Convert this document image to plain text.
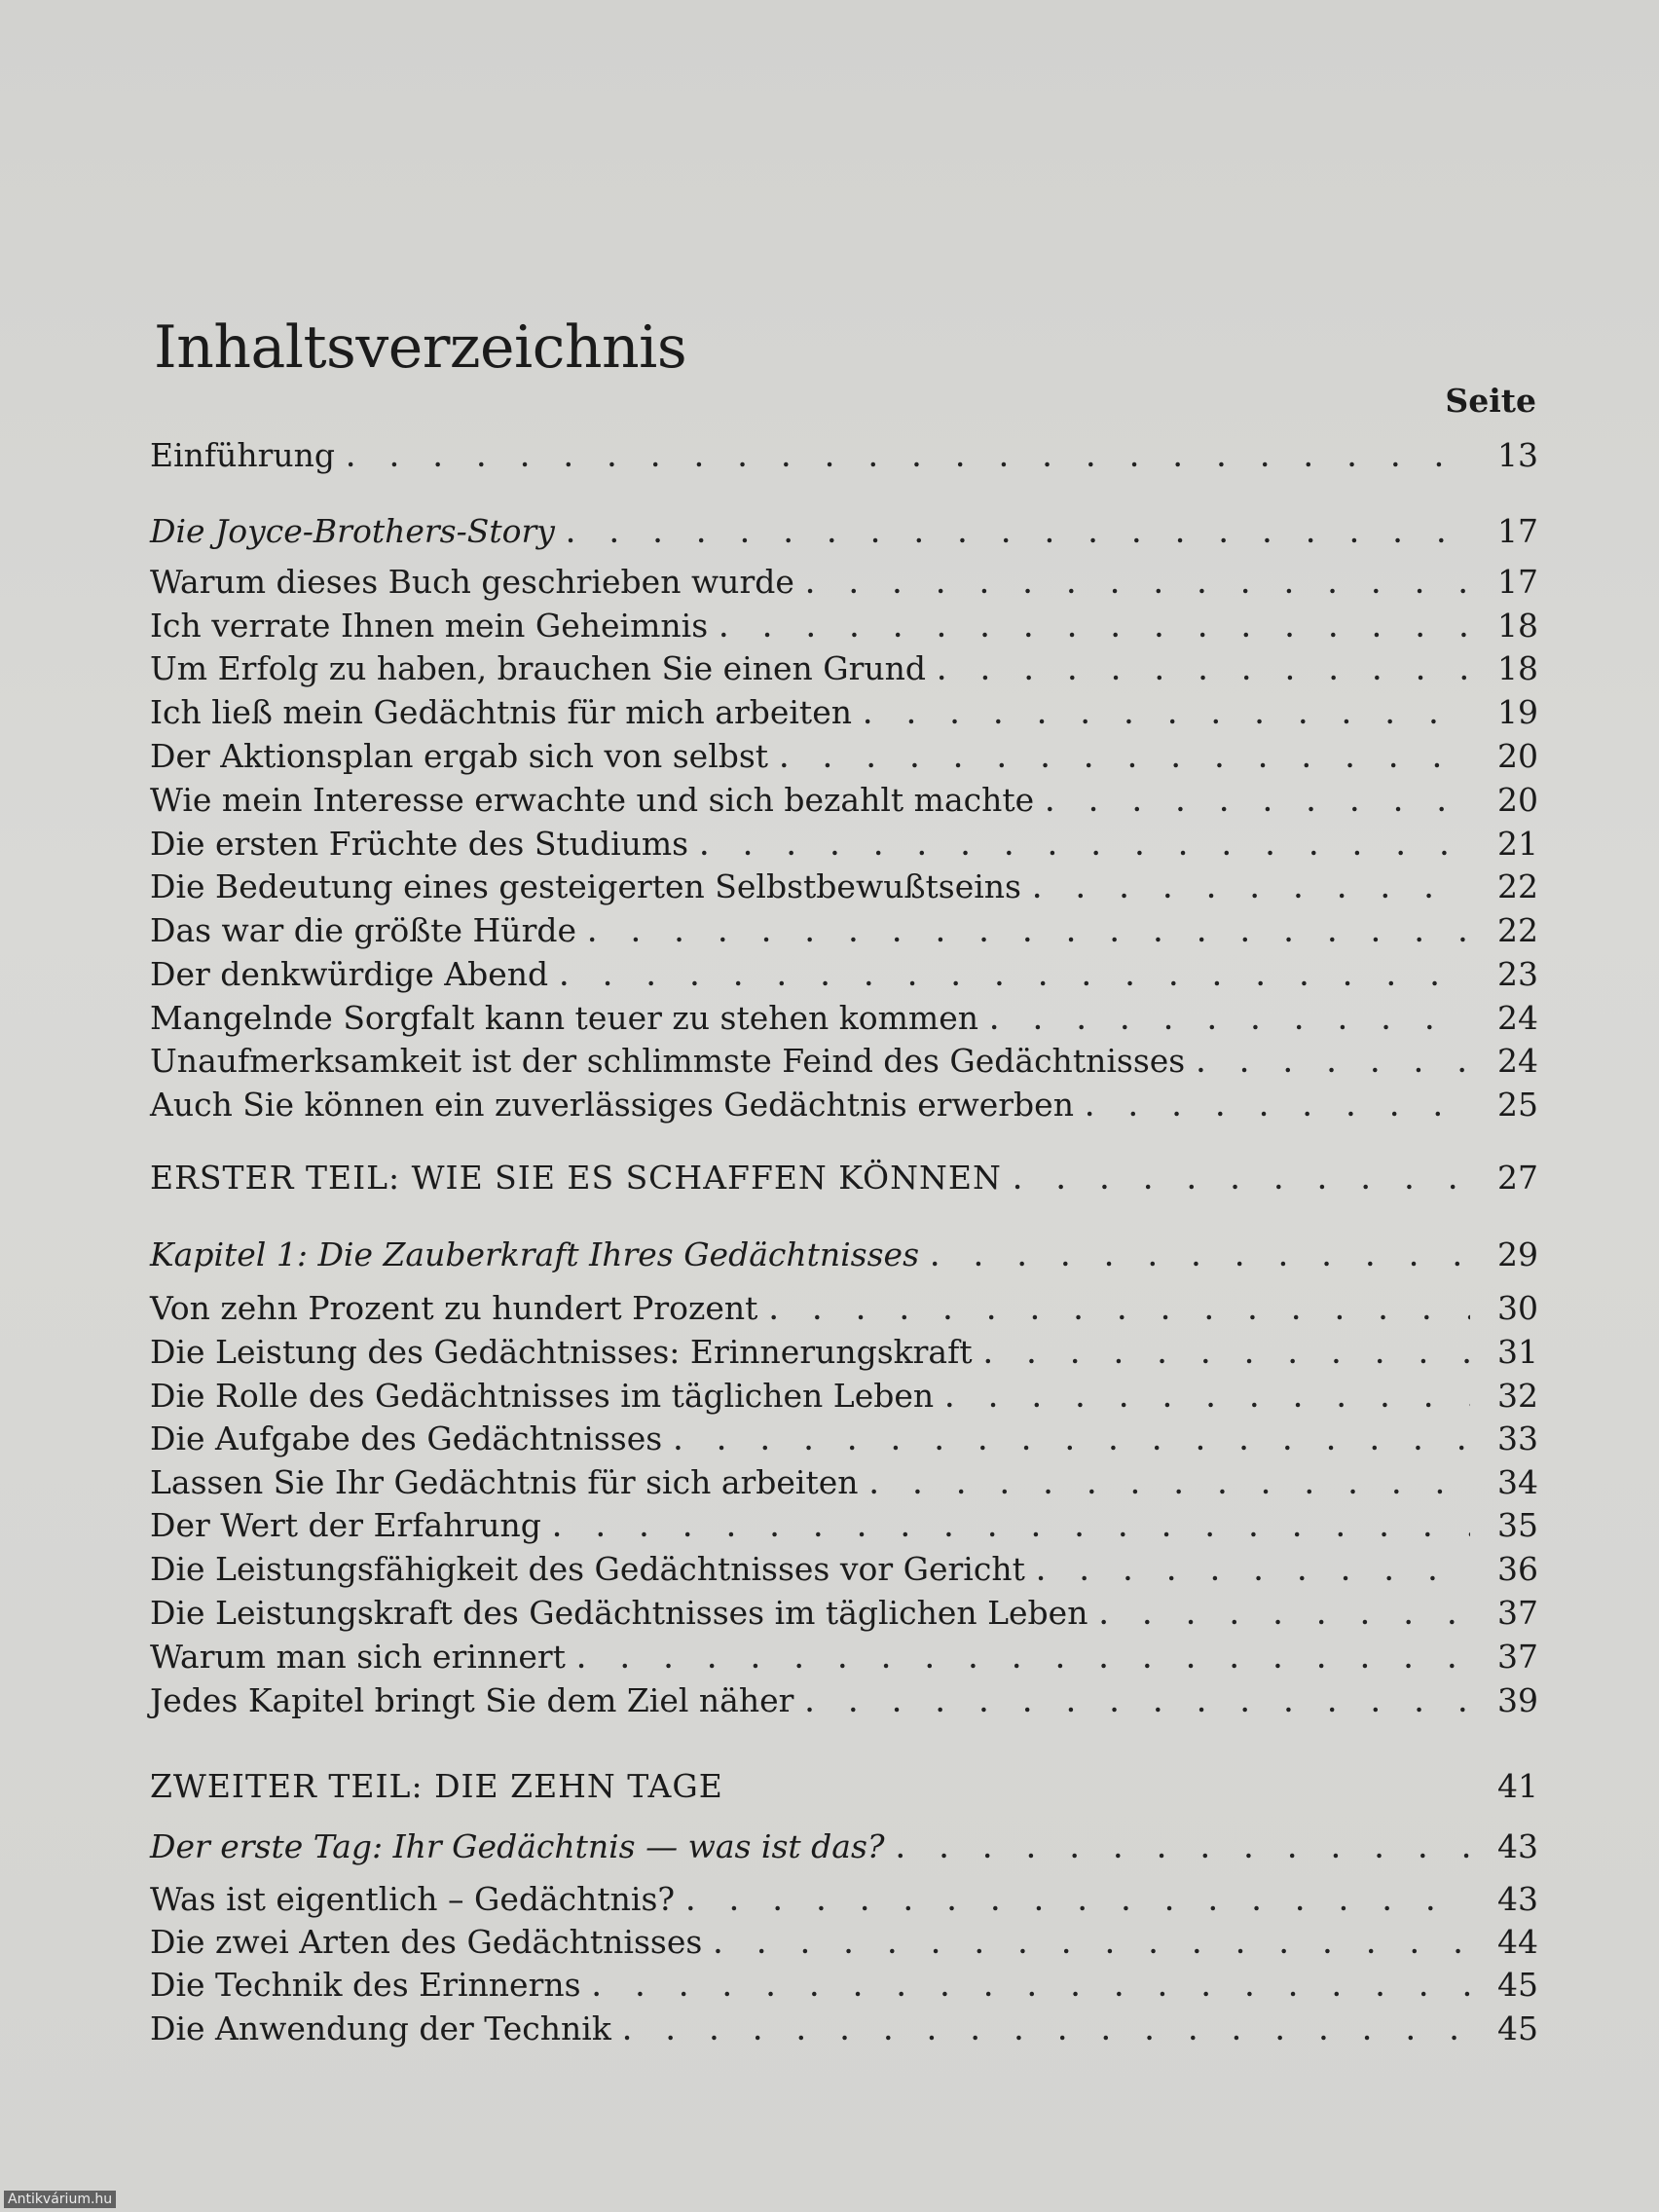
Inhaltsverzeichnis
Seite
Einführung . . .	13
Die Joyce-Brothers-Story . . .	17
Warum dieses Buch geschrieben wurde . . .	17
Ich verrate Ihnen mein Geheimnis . . .	18
Um Erfolg zu haben, brauchen Sie einen Grund . . .	18
Ich ließ mein Gedächtnis für mich arbeiten . . .	19
Der Aktionsplan ergab sich von selbst . . .	20
Wie mein Interesse erwachte und sich bezahlt machte . . .	20
Die ersten Früchte des Studiums . . .	21
Die Bedeutung eines gesteigerten Selbstbewußtseins . . .	22
Das war die größte Hürde . . .	22
Der denkwürdige Abend . . .	23
Mangelnde Sorgfalt kann teuer zu stehen kommen . . .	24
Unaufmerksamkeit ist der schlimmste Feind des Gedächtnisses . . .	24
Auch Sie können ein zuverlässiges Gedächtnis erwerben . . .	25
ERSTER TEIL: WIE SIE ES SCHAFFEN KÖNNEN . . .	27
Kapitel 1: Die Zauberkraft Ihres Gedächtnisses . . .	29
Von zehn Prozent zu hundert Prozent . . .	30
Die Leistung des Gedächtnisses: Erinnerungskraft . . .	31
Die Rolle des Gedächtnisses im täglichen Leben . . .	32
Die Aufgabe des Gedächtnisses . . .	33
Lassen Sie Ihr Gedächtnis für sich arbeiten . . .	34
Der Wert der Erfahrung . . .	35
Die Leistungsfähigkeit des Gedächtnisses vor Gericht . . .	36
Die Leistungskraft des Gedächtnisses im täglichen Leben . . .	37
Warum man sich erinnert . . .	37
Jedes Kapitel bringt Sie dem Ziel näher . . .	39
ZWEITER TEIL: DIE ZEHN TAGE	41
Der erste Tag: Ihr Gedächtnis — was ist das? . . .	43
Was ist eigentlich – Gedächtnis? . . .	43
Die zwei Arten des Gedächtnisses . . .	44
Die Technik des Erinnerns . . .	45
Die Anwendung der Technik . . .	45
Antikvárium.hu
